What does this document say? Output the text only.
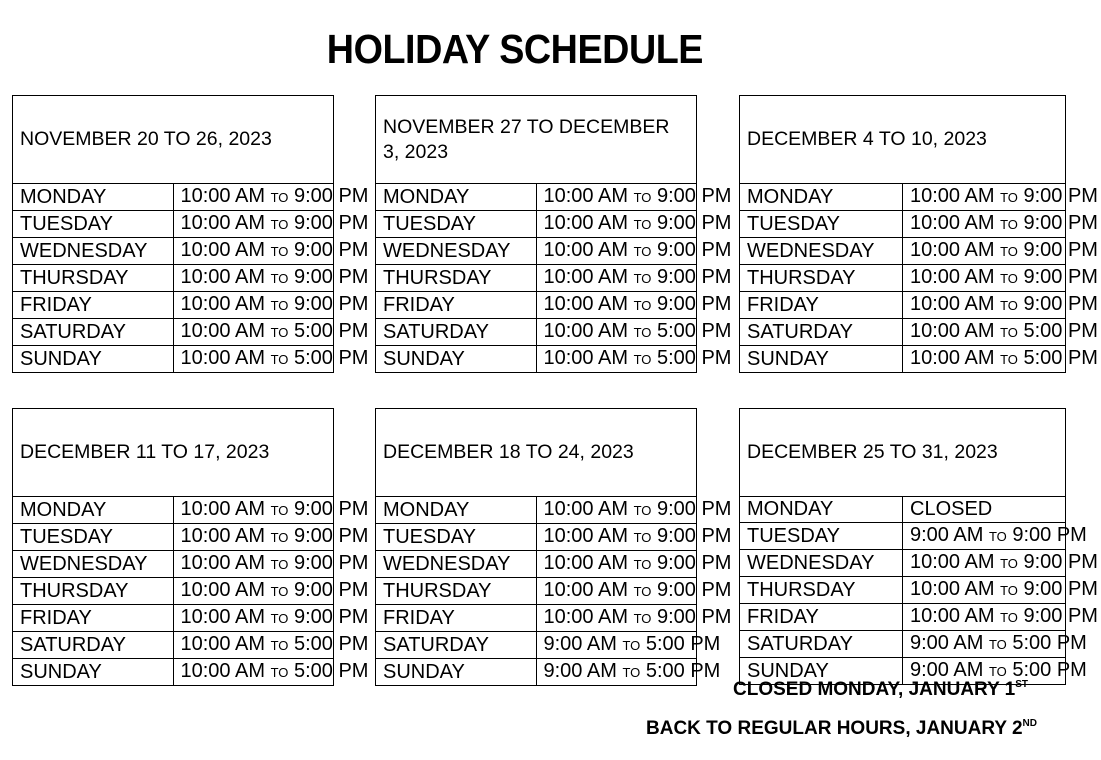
HOLIDAY SCHEDULE
NOVEMBER 20 TO 26, 2023	
MONDAY	10:00 AM TO 9:00 PM
TUESDAY	10:00 AM TO 9:00 PM
WEDNESDAY	10:00 AM TO 9:00 PM
THURSDAY	10:00 AM TO 9:00 PM
FRIDAY	10:00 AM TO 9:00 PM
SATURDAY	10:00 AM TO 5:00 PM
SUNDAY	10:00 AM TO 5:00 PM
NOVEMBER 27 TO DECEMBER 3, 2023	
MONDAY	10:00 AM TO 9:00 PM
TUESDAY	10:00 AM TO 9:00 PM
WEDNESDAY	10:00 AM TO 9:00 PM
THURSDAY	10:00 AM TO 9:00 PM
FRIDAY	10:00 AM TO 9:00 PM
SATURDAY	10:00 AM TO 5:00 PM
SUNDAY	10:00 AM TO 5:00 PM
DECEMBER 4 TO 10, 2023	
MONDAY	10:00 AM TO 9:00 PM
TUESDAY	10:00 AM TO 9:00 PM
WEDNESDAY	10:00 AM TO 9:00 PM
THURSDAY	10:00 AM TO 9:00 PM
FRIDAY	10:00 AM TO 9:00 PM
SATURDAY	10:00 AM TO 5:00 PM
SUNDAY	10:00 AM TO 5:00 PM
DECEMBER 11 TO 17, 2023	
MONDAY	10:00 AM TO 9:00 PM
TUESDAY	10:00 AM TO 9:00 PM
WEDNESDAY	10:00 AM TO 9:00 PM
THURSDAY	10:00 AM TO 9:00 PM
FRIDAY	10:00 AM TO 9:00 PM
SATURDAY	10:00 AM TO 5:00 PM
SUNDAY	10:00 AM TO 5:00 PM
DECEMBER 18 TO 24, 2023	
MONDAY	10:00 AM TO 9:00 PM
TUESDAY	10:00 AM TO 9:00 PM
WEDNESDAY	10:00 AM TO 9:00 PM
THURSDAY	10:00 AM TO 9:00 PM
FRIDAY	10:00 AM TO 9:00 PM
SATURDAY	9:00 AM TO 5:00 PM
SUNDAY	9:00 AM TO 5:00 PM
DECEMBER 25 TO 31, 2023	
MONDAY	CLOSED
TUESDAY	9:00 AM TO 9:00 PM
WEDNESDAY	10:00 AM TO 9:00 PM
THURSDAY	10:00 AM TO 9:00 PM
FRIDAY	10:00 AM TO 9:00 PM
SATURDAY	9:00 AM TO 5:00 PM
SUNDAY	9:00 AM TO 5:00 PM
CLOSED MONDAY, JANUARY 1ST
BACK TO REGULAR HOURS, JANUARY 2ND
